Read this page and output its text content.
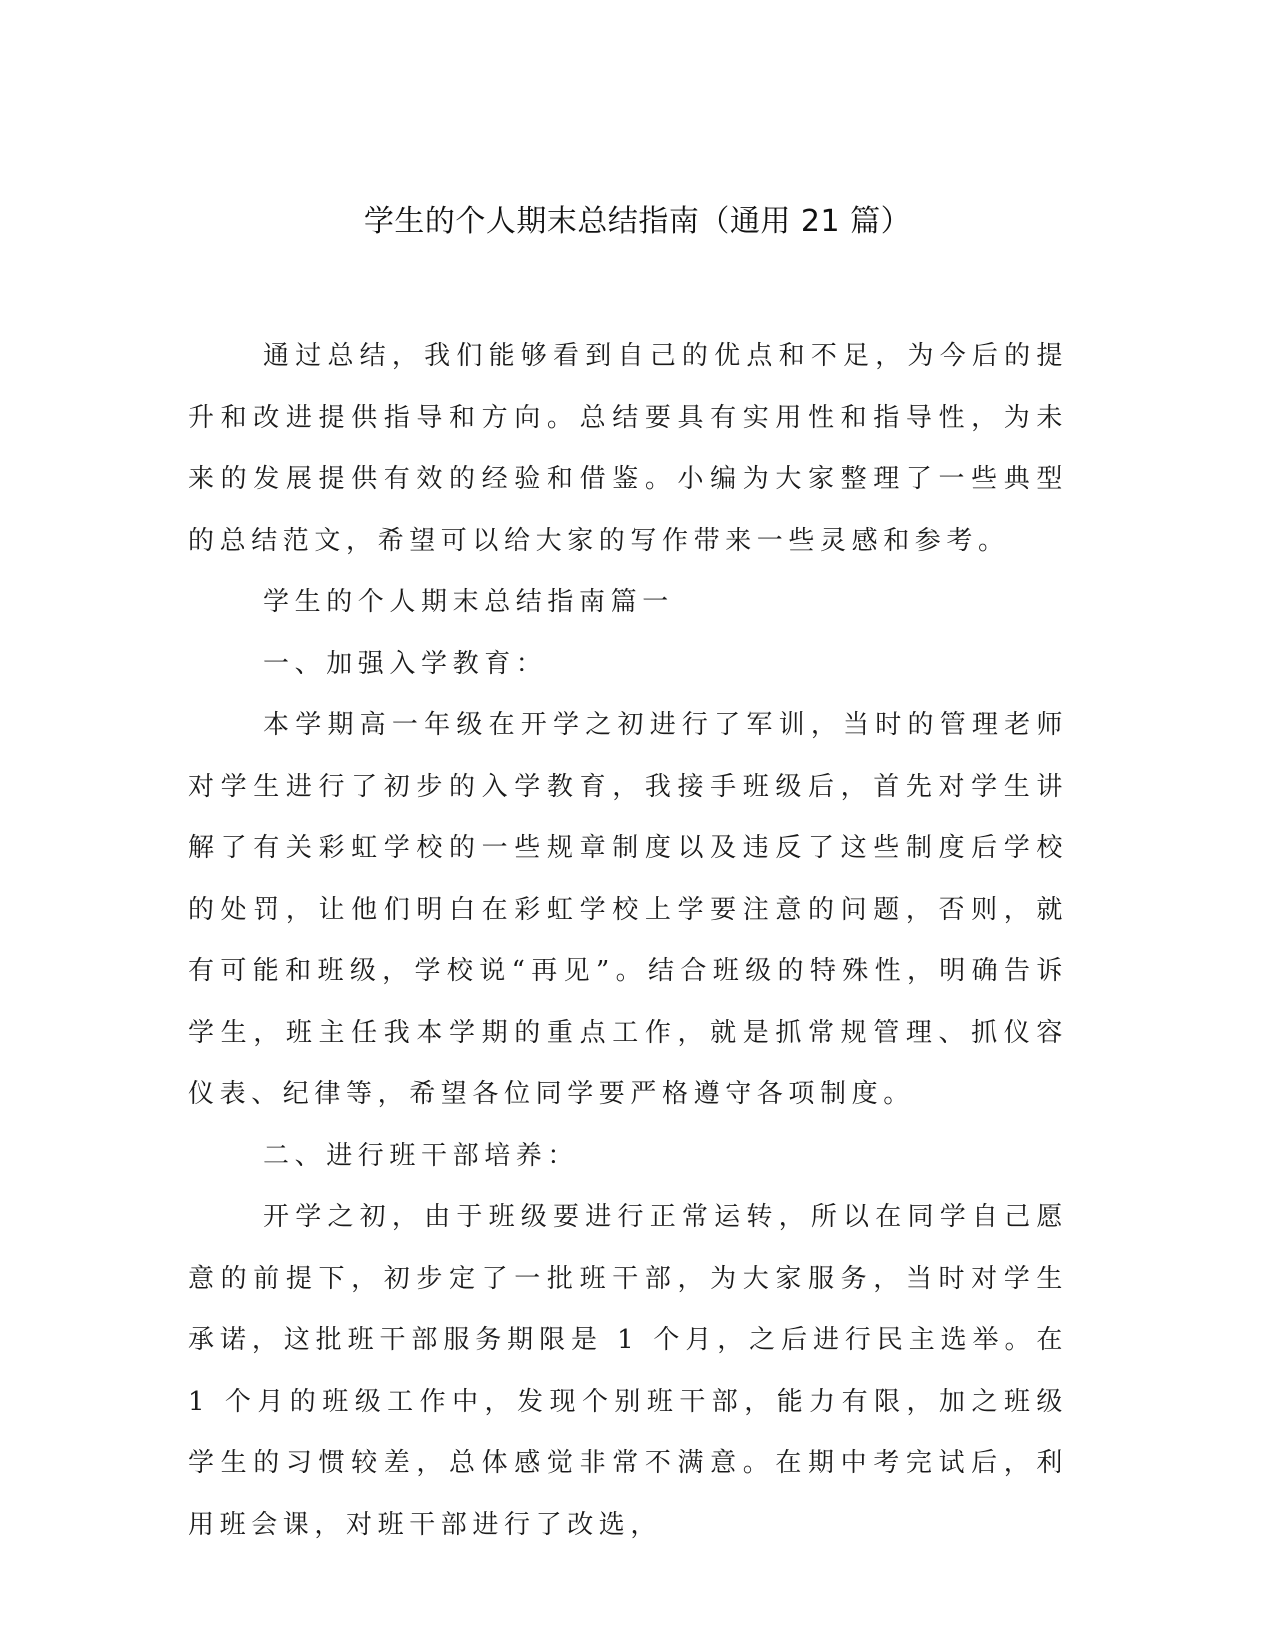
学生的个人期末总结指南（通用 21 篇）

通过总结，我们能够看到自己的优点和不足，为今后的提升和改进提供指导和方向。总结要具有实用性和指导性，为未来的发展提供有效的经验和借鉴。小编为大家整理了一些典型的总结范文，希望可以给大家的写作带来一些灵感和参考。

学生的个人期末总结指南篇一

一、加强入学教育：

本学期高一年级在开学之初进行了军训，当时的管理老师对学生进行了初步的入学教育，我接手班级后，首先对学生讲解了有关彩虹学校的一些规章制度以及违反了这些制度后学校的处罚，让他们明白在彩虹学校上学要注意的问题，否则，就有可能和班级，学校说“再见”。结合班级的特殊性，明确告诉学生，班主任我本学期的重点工作，就是抓常规管理、抓仪容仪表、纪律等，希望各位同学要严格遵守各项制度。

二、进行班干部培养：

开学之初，由于班级要进行正常运转，所以在同学自己愿意的前提下，初步定了一批班干部，为大家服务，当时对学生承诺，这批班干部服务期限是 1 个月，之后进行民主选举。在 1 个月的班级工作中，发现个别班干部，能力有限，加之班级学生的习惯较差，总体感觉非常不满意。在期中考完试后，利用班会课，对班干部进行了改选，
